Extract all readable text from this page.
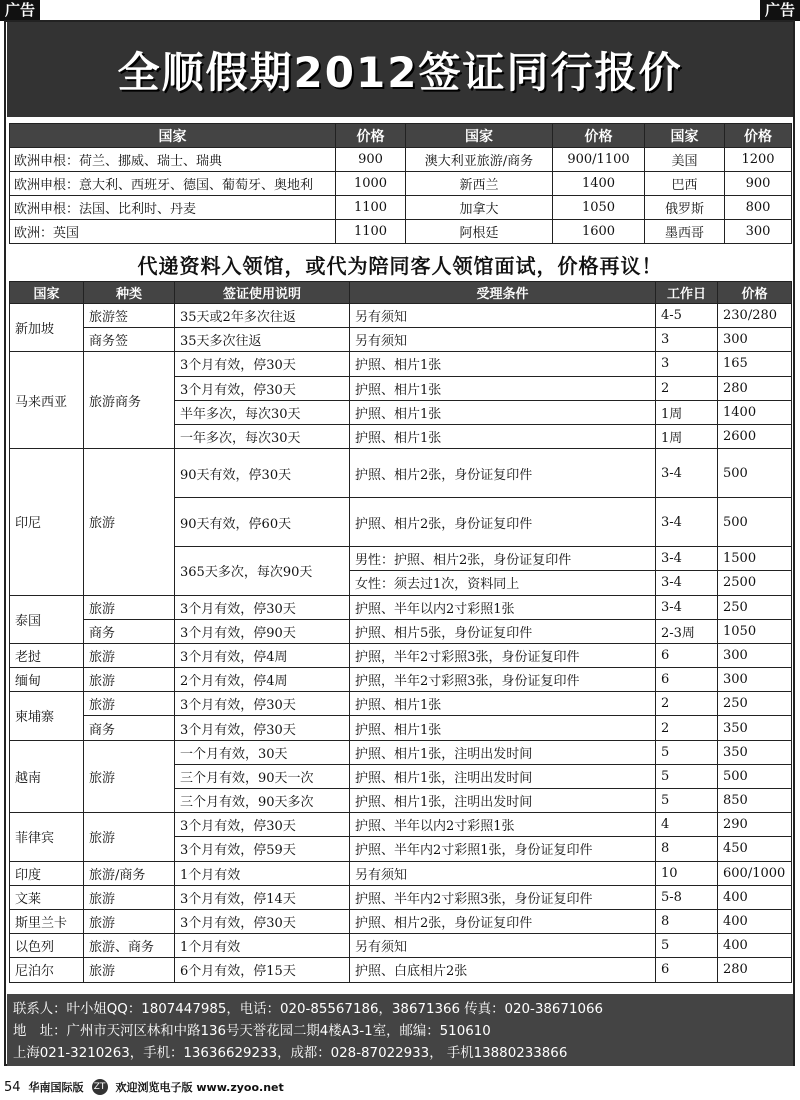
广告	广告
全顺假期2012签证同行报价
国家	价格	国家	价格	国家	价格
欧洲申根：荷兰、挪威、瑞士、瑞典	900	澳大利亚旅游/商务	900/1100	美国	1200
欧洲申根：意大利、西班牙、德国、葡萄牙、奥地利	1000	新西兰	1400	巴西	900
欧洲申根：法国、比利时、丹麦	1100	加拿大	1050	俄罗斯	800
欧洲：英国	1100	阿根廷	1600	墨西哥	300
代递资料入领馆，或代为陪同客人领馆面试，价格再议！
国家	种类	签证使用说明	受理条件	工作日	价格
新加坡	旅游签	35天或2年多次往返	另有须知	4-5	230/280
	商务签	35天多次往返	另有须知	3	300
马来西亚	旅游商务	3个月有效，停30天	护照、相片1张	3	165
		3个月有效，停30天	护照、相片1张	2	280
		半年多次，每次30天	护照、相片1张	1周	1400
		一年多次，每次30天	护照、相片1张	1周	2600
印尼	旅游	90天有效，停30天	护照、相片2张，身份证复印件	3-4	500
		90天有效，停60天	护照、相片2张，身份证复印件	3-4	500
		365天多次，每次90天	男性：护照、相片2张，身份证复印件	3-4	1500
			女性：须去过1次，资料同上	3-4	2500
泰国	旅游	3个月有效，停30天	护照、半年以内2寸彩照1张	3-4	250
	商务	3个月有效，停90天	护照、相片5张，身份证复印件	2-3周	1050
老挝	旅游	3个月有效，停4周	护照，半年2寸彩照3张，身份证复印件	6	300
缅甸	旅游	2个月有效，停4周	护照，半年2寸彩照3张，身份证复印件	6	300
柬埔寨	旅游	3个月有效，停30天	护照、相片1张	2	250
	商务	3个月有效，停30天	护照、相片1张	2	350
越南	旅游	一个月有效，30天	护照、相片1张，注明出发时间	5	350
		三个月有效，90天一次	护照、相片1张，注明出发时间	5	500
		三个月有效，90天多次	护照、相片1张，注明出发时间	5	850
菲律宾	旅游	3个月有效，停30天	护照、半年以内2寸彩照1张	4	290
		3个月有效，停59天	护照、半年内2寸彩照1张，身份证复印件	8	450
印度	旅游/商务	1个月有效	另有须知	10	600/1000
文莱	旅游	3个月有效，停14天	护照、半年内2寸彩照3张，身份证复印件	5-8	400
斯里兰卡	旅游	3个月有效，停30天	护照、相片2张，身份证复印件	8	400
以色列	旅游、商务	1个月有效	另有须知	5	400
尼泊尔	旅游	6个月有效，停15天	护照、白底相片2张	6	280
联系人：叶小姐QQ：1807447985，电话：020-85567186，38671366 传真：020-38671066
地　址：广州市天河区林和中路136号天誉花园二期4楼A3-1室，邮编：510610
上海021-3210263，手机：13636629233，成都：028-87022933， 手机13880233866
54 华南国际版 ZT 欢迎浏览电子版 www.zyoo.net
